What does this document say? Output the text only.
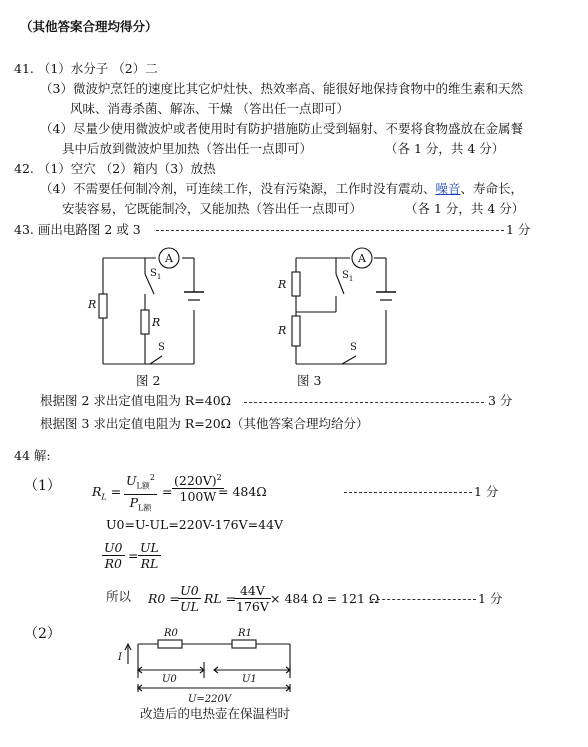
（其他答案合理均得分）
41. （1）水分子 （2）二
（3）微波炉烹饪的速度比其它炉灶快、热效率高、能很好地保持食物中的维生素和天然
风味、消毒杀菌、解冻、干燥 （答出任一点即可）
（4）尽量少使用微波炉或者使用时有防护措施防止受到辐射、不要将食物盛放在金属餐
具中后放到微波炉里加热（答出任一点即可）	（各 1 分，共 4 分）
42. （1）空穴 （2）箱内（3）放热
（4）不需要任何制冷剂，可连续工作，没有污染源，工作时没有震动、噪音、寿命长，
安装容易，它既能制冷，又能加热（答出任一点即可）	（各 1 分，共 4 分）
43. 画出电路图 2 或 3	1 分
A
R
R
$S_1$
S
图 2
A
R
R
$S_1$
S
图 3
根据图 2 求出定值电阻为 R=40Ω	3 分
根据图 3 求出定值电阻为 R=20Ω（其他答案合理均给分）
44 解:
（1） $R_L$ =
$U_{L额}^2$
$P_{L额}$
= $\frac{(220V)^2}{100W}$
= 484Ω	1 分
U0=U-UL=220V-176V=44V
$\frac{U0}{R0} = \frac{UL}{RL}$
所以 R0 =
$\frac{U0}{UL}$ RL =
$\frac{44V}{176V} \times 484$ Ω = 121 Ω	1 分
（2）	R0	R1
I
U0	U1
U=220V
改造后的电热壶在保温档时
